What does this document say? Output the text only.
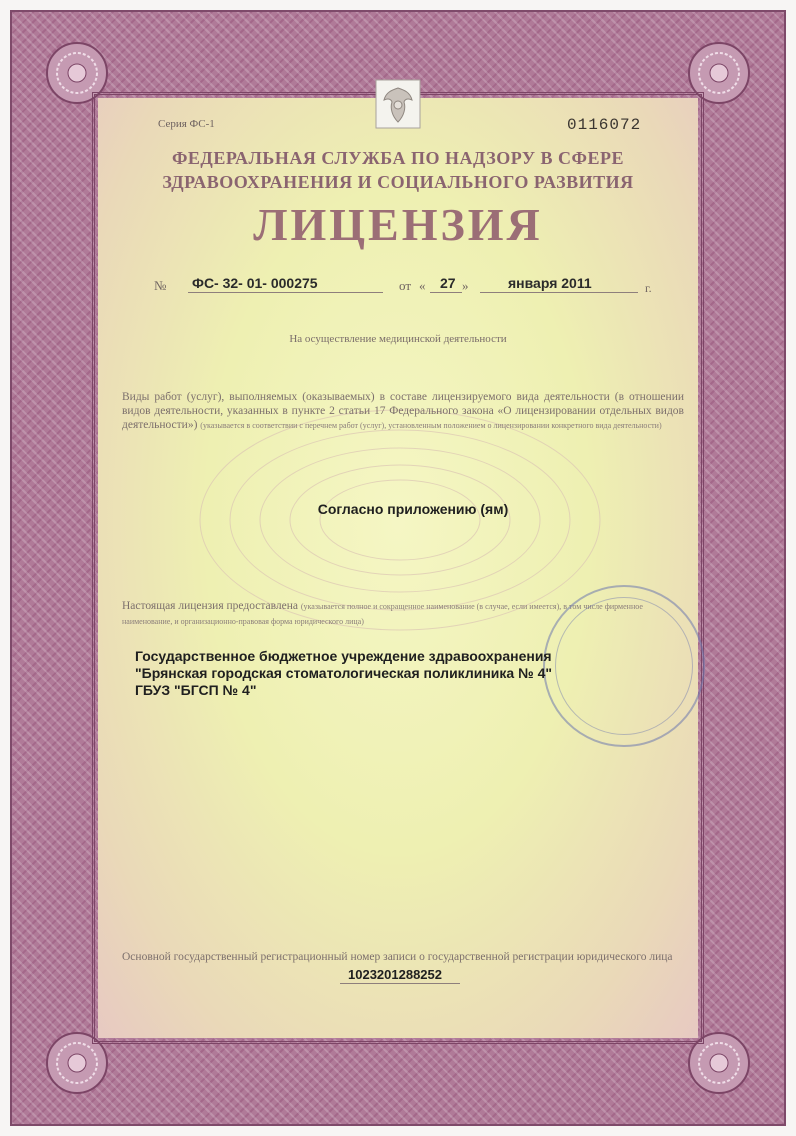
Серия ФС-1	0116072
ФЕДЕРАЛЬНАЯ СЛУЖБА ПО НАДЗОРУ В СФЕРЕ
ЗДРАВООХРАНЕНИЯ И СОЦИАЛЬНОГО РАЗВИТИЯ
ЛИЦЕНЗИЯ
№ ФС- 32- 01- 000275	от « 27 »	января 2011	г.
На осуществление медицинской деятельности
Виды работ (услуг), выполняемых (оказываемых) в составе лицензируемого вида деятельности (в отношении видов деятельности, указанных в пункте 2 статьи 17 Федерального закона «О лицензировании отдельных видов деятельности») (указывается в соответствии с перечнем работ (услуг), установленным положением о лицензировании конкретного вида деятельности)
Согласно приложению (ям)
Настоящая лицензия предоставлена (указывается полное и сокращенное наименование (в случае, если имеется), в том числе фирменное наименование, и организационно-правовая форма юридического лица)
Государственное бюджетное учреждение здравоохранения
"Брянская городская стоматологическая поликлиника № 4"
ГБУЗ "БГСП № 4"
Основной государственный регистрационный номер записи о государственной регистрации юридического лица
1023201288252
